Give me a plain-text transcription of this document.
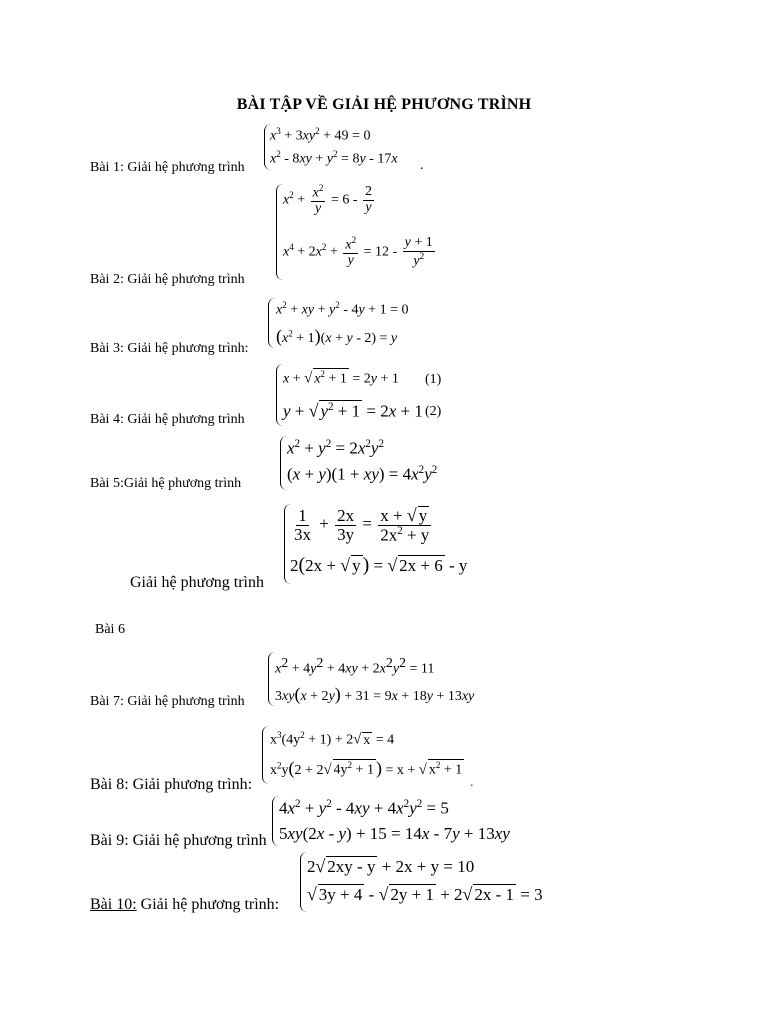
BÀI TẬP VỀ GIẢI HỆ PHƯƠNG TRÌNH
$x^3 + 3xy^2 + 49 = 0$
$x^2 - 8xy + y^2 = 8y - 17x$ .
Bài 1: Giải hệ phương trình
$x^2 + \frac{x^2}{y} = 6 - \frac{2}{y}$
$x^4 + 2x^2 + \frac{x^2}{y} = 12 - \frac{y + 1}{y^2}$
Bài 2: Giải hệ phương trình
$x^2$ + xy + $y^2 - 4y + 1 = 0$
$(x^2 + 1)(x + y - 2) = y$
Bài 3: Giải hệ phương trình:
x + √ $x^2 + 1 = 2y + 1$ (1)
y + √ $y^2 + 1 = 2x + 1$ (2)
Bài 4: Giải hệ phương trình
$x^2 + y^2 = 2x^2y^2$
$(x + y)(1 + xy) = 4x^2y^2$
Bài 5:Giải hệ phương trình
$\frac{1}{3x} + \frac{2x}{3y} = \frac{x + √ y}{2x^2 + y}$
2(2x + √ y ) = √ 2x + 6 - y
Giải hệ phương trình
Bài 6
$x^2 + 4y^2 + 4xy + 2x^2y^2 = 11$
3xy(x + 2y) + 31 = 9x + 18y + 13xy
Bài 7: Giải hệ phương trình
$x^3(4y^2 + 1) + 2√$ x = 4
$x^2y(2 + 2√$ $4y^2 + 1$ ) = x + √ $x^2 + 1$
.
Bài 8: Giải phương trình:
$4x^2 + y^2 - 4xy + 4x^2y^2 = 5$
5xy(2x - y) + 15 = 14x - 7y + 13xy
Bài 9: Giải hệ phương trình
2√ 2xy - y + 2x + y = 10
√ 3y + 4 - √ 2y + 1 + 2√ 2x - 1 = 3
Bài 10: Giải hệ phương trình:
